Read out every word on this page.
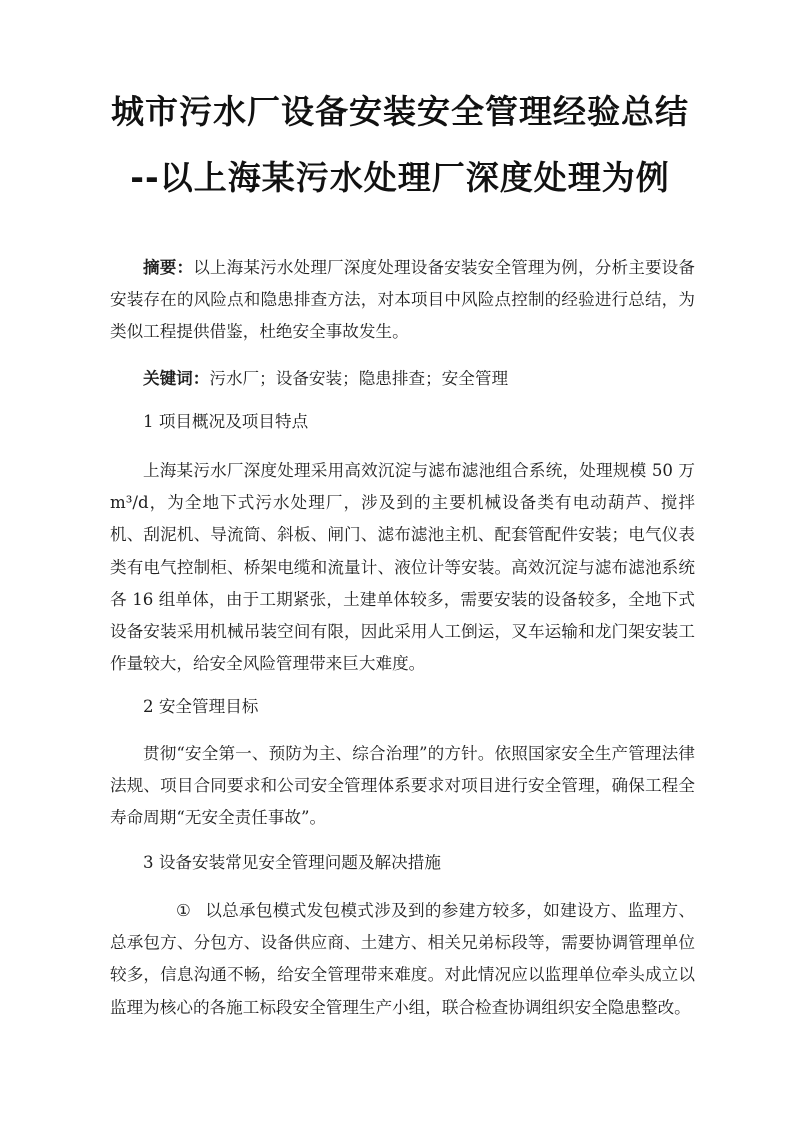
城市污水厂设备安装安全管理经验总结
--以上海某污水处理厂深度处理为例

摘要：以上海某污水处理厂深度处理设备安装安全管理为例，分析主要设备安装存在的风险点和隐患排查方法，对本项目中风险点控制的经验进行总结，为类似工程提供借鉴，杜绝安全事故发生。

关键词：污水厂；设备安装；隐患排查；安全管理

1 项目概况及项目特点

上海某污水厂深度处理采用高效沉淀与滤布滤池组合系统，处理规模 50 万m³/d，为全地下式污水处理厂，涉及到的主要机械设备类有电动葫芦、搅拌机、刮泥机、导流筒、斜板、闸门、滤布滤池主机、配套管配件安装；电气仪表类有电气控制柜、桥架电缆和流量计、液位计等安装。高效沉淀与滤布滤池系统各 16 组单体，由于工期紧张，土建单体较多，需要安装的设备较多，全地下式设备安装采用机械吊装空间有限，因此采用人工倒运，叉车运输和龙门架安装工作量较大，给安全风险管理带来巨大难度。

2 安全管理目标

贯彻“安全第一、预防为主、综合治理”的方针。依照国家安全生产管理法律法规、项目合同要求和公司安全管理体系要求对项目进行安全管理，确保工程全寿命周期“无安全责任事故”。

3 设备安装常见安全管理问题及解决措施

① 以总承包模式发包模式涉及到的参建方较多，如建设方、监理方、总承包方、分包方、设备供应商、土建方、相关兄弟标段等，需要协调管理单位较多，信息沟通不畅，给安全管理带来难度。对此情况应以监理单位牵头成立以监理为核心的各施工标段安全管理生产小组，联合检查协调组织安全隐患整改。
